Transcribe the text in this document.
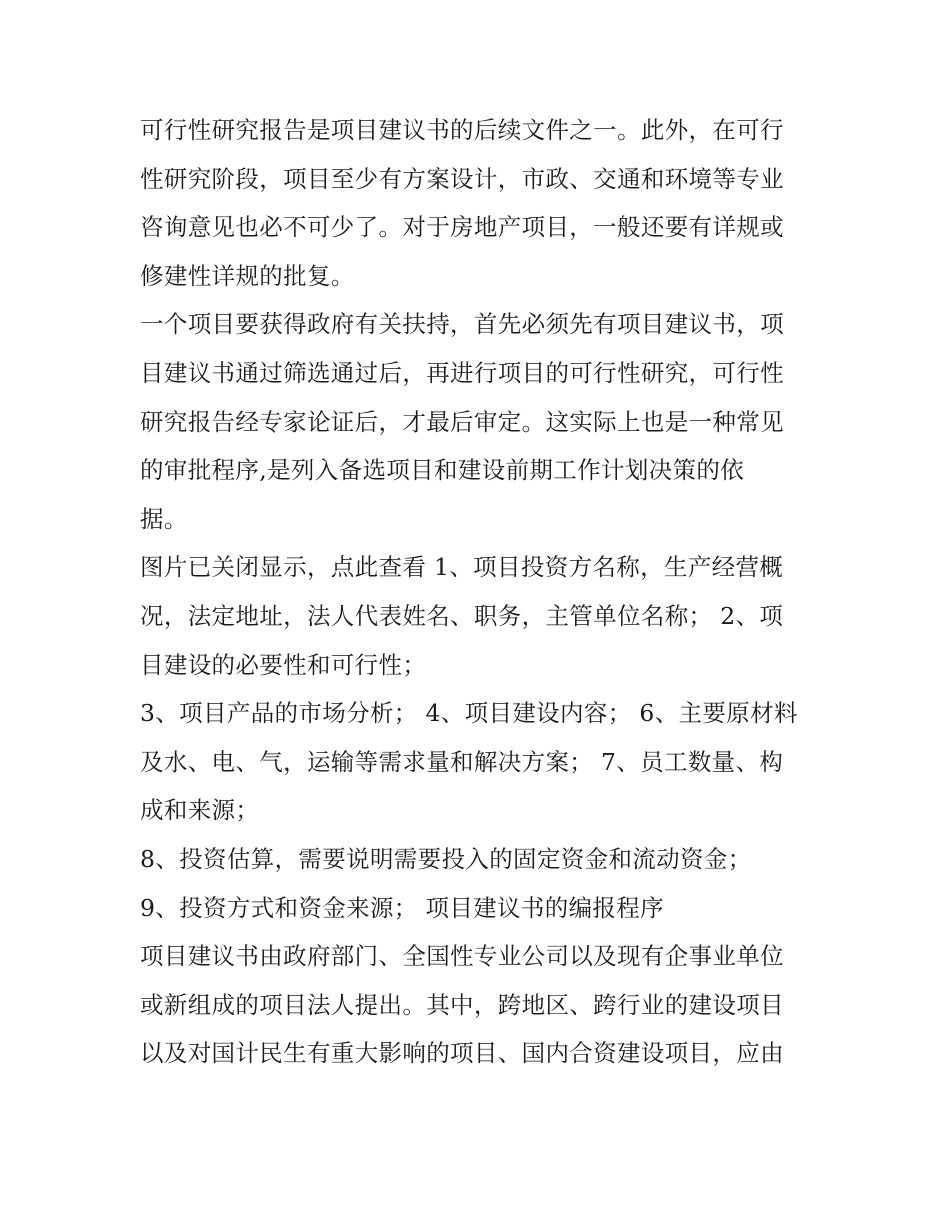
可行性研究报告是项目建议书的后续文件之一。此外，在可行
性研究阶段，项目至少有方案设计，市政、交通和环境等专业
咨询意见也必不可少了。对于房地产项目，一般还要有详规或
修建性详规的批复。
一个项目要获得政府有关扶持，首先必须先有项目建议书，项
目建议书通过筛选通过后，再进行项目的可行性研究，可行性
研究报告经专家论证后，才最后审定。这实际上也是一种常见
的审批程序,是列入备选项目和建设前期工作计划决策的依
据。
图片已关闭显示，点此查看 1、项目投资方名称，生产经营概
况，法定地址，法人代表姓名、职务，主管单位名称； 2、项
目建设的必要性和可行性；
3、项目产品的市场分析； 4、项目建设内容； 6、主要原材料
及水、电、气，运输等需求量和解决方案； 7、员工数量、构
成和来源；
8、投资估算，需要说明需要投入的固定资金和流动资金；
9、投资方式和资金来源； 项目建议书的编报程序
项目建议书由政府部门、全国性专业公司以及现有企事业单位
或新组成的项目法人提出。其中，跨地区、跨行业的建设项目
以及对国计民生有重大影响的项目、国内合资建设项目，应由
